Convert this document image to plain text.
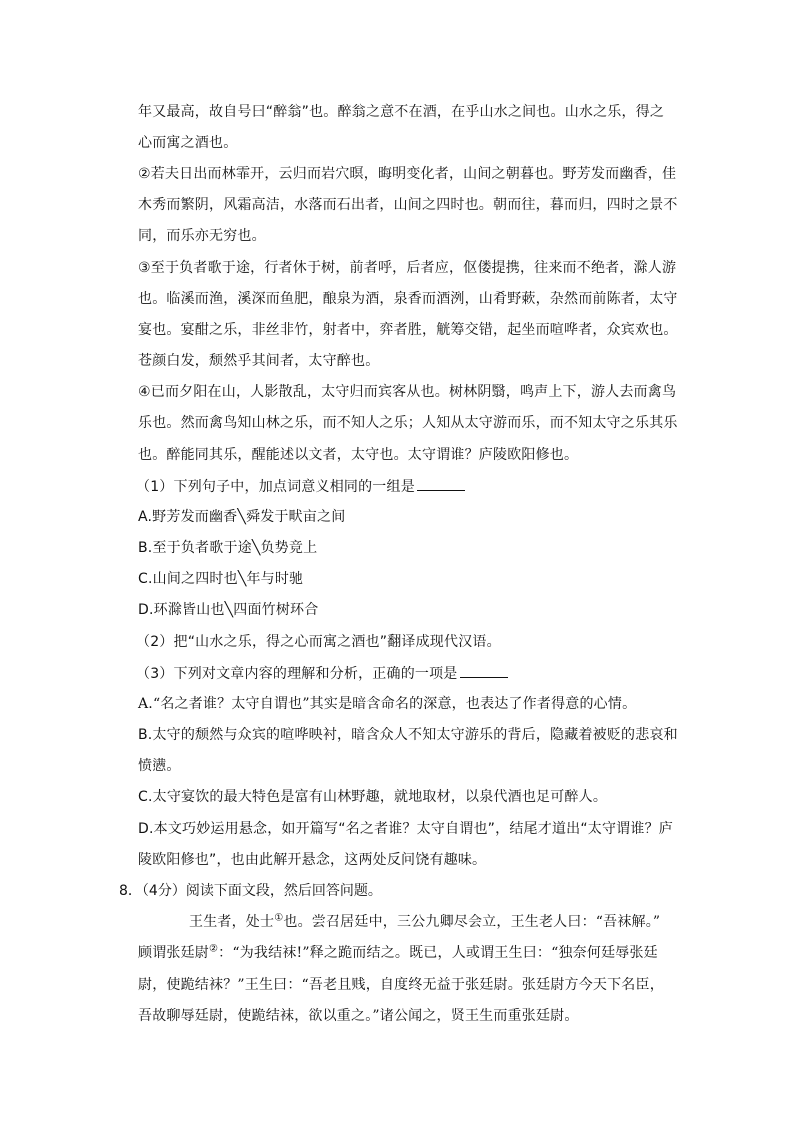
年又最高，故自号曰“醉翁”也。醉翁之意不在酒，在乎山水之间也。山水之乐，得之
心而寓之酒也。
②若夫日出而林霏开，云归而岩穴暝，晦明变化者，山间之朝暮也。野芳发而幽香，佳
木秀而繁阴，风霜高洁，水落而石出者，山间之四时也。朝而往，暮而归，四时之景不
同，而乐亦无穷也。
③至于负者歌于途，行者休于树，前者呼，后者应，伛偻提携，往来而不绝者，滁人游
也。临溪而渔，溪深而鱼肥，酿泉为酒，泉香而酒洌，山肴野蔌，杂然而前陈者，太守
宴也。宴酣之乐，非丝非竹，射者中，弈者胜，觥筹交错，起坐而喧哗者，众宾欢也。
苍颜白发，颓然乎其间者，太守醉也。
④已而夕阳在山，人影散乱，太守归而宾客从也。树林阴翳，鸣声上下，游人去而禽鸟
乐也。然而禽鸟知山林之乐，而不知人之乐；人知从太守游而乐，而不知太守之乐其乐
也。醉能同其乐，醒能述以文者，太守也。太守谓谁？庐陵欧阳修也。
（1）下列句子中，加点词意义相同的一组是
A.野芳发而幽香╲舜发于畎亩之间
B.至于负者歌于途╲负势竞上
C.山间之四时也╲年与时驰
D.环滁皆山也╲四面竹树环合
（2）把“山水之乐，得之心而寓之酒也”翻译成现代汉语。
（3）下列对文章内容的理解和分析，正确的一项是
A.“名之者谁？太守自谓也”其实是暗含命名的深意，也表达了作者得意的心情。
B.太守的颓然与众宾的喧哗映衬，暗含众人不知太守游乐的背后，隐藏着被贬的悲哀和
愤懑。
C.太守宴饮的最大特色是富有山林野趣，就地取材，以泉代酒也足可醉人。
D.本文巧妙运用悬念，如开篇写“名之者谁？太守自谓也”，结尾才道出“太守谓谁？庐
陵欧阳修也”，也由此解开悬念，这两处反问饶有趣味。
8．（4分）阅读下面文段，然后回答问题。
王生者，处士①也。尝召居廷中，三公九卿尽会立，王生老人曰：“吾袜解。”
顾谓张廷尉②：“为我结袜!”释之跪而结之。既已，人或谓王生曰：“独奈何廷辱张廷
尉，使跪结袜？”王生曰：“吾老且贱，自度终无益于张廷尉。张廷尉方今天下名臣，
吾故聊辱廷尉，使跪结袜，欲以重之。”诸公闻之，贤王生而重张廷尉。
